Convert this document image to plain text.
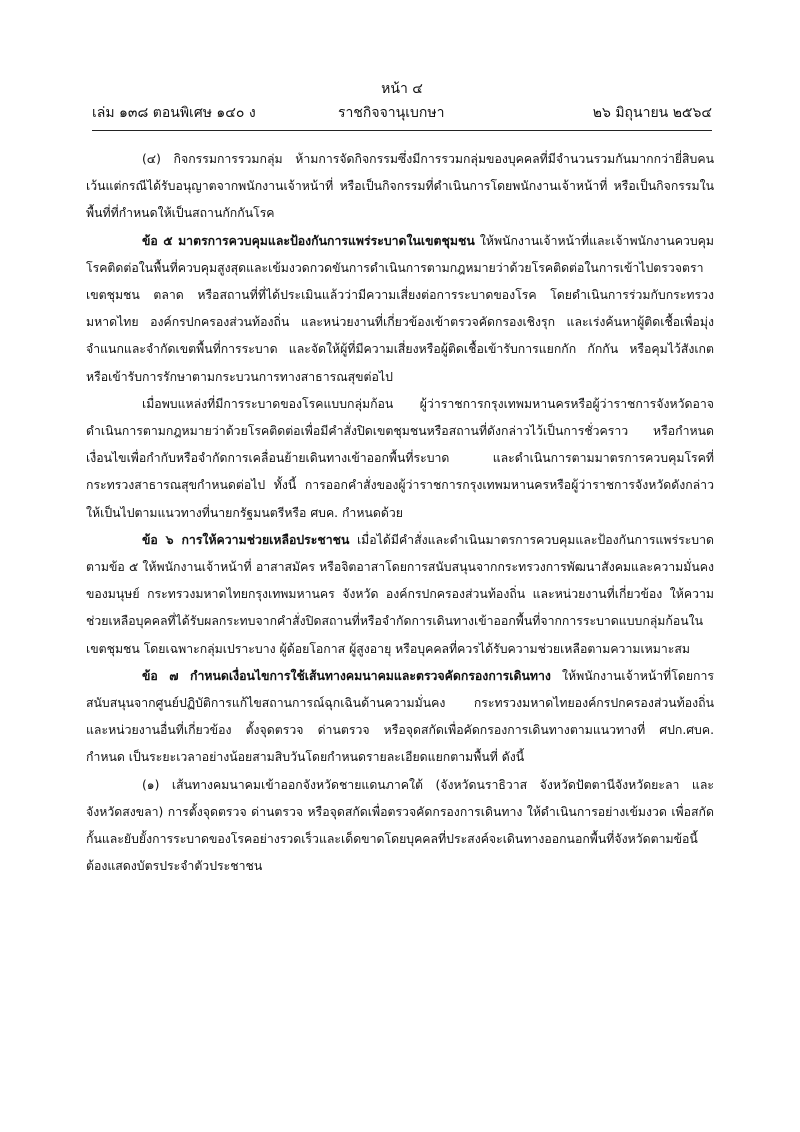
หน้า ๔
เล่ม ๑๓๘ ตอนพิเศษ ๑๔๐ ง	ราชกิจจานุเบกษา	๒๖ มิถุนายน ๒๕๖๔

(๔) กิจกรรมการรวมกลุ่ม ห้ามการจัดกิจกรรมซึ่งมีการรวมกลุ่มของบุคคลที่มีจำนวนรวมกันมากกว่ายี่สิบคน เว้นแต่กรณีได้รับอนุญาตจากพนักงานเจ้าหน้าที่ หรือเป็นกิจกรรมที่ดำเนินการโดยพนักงานเจ้าหน้าที่ หรือเป็นกิจกรรมในพื้นที่ที่กำหนดให้เป็นสถานกักกันโรค

ข้อ ๕ มาตรการควบคุมและป้องกันการแพร่ระบาดในเขตชุมชน ให้พนักงานเจ้าหน้าที่และเจ้าพนักงานควบคุมโรคติดต่อในพื้นที่ควบคุมสูงสุดและเข้มงวดกวดขันการดำเนินการตามกฎหมายว่าด้วยโรคติดต่อในการเข้าไปตรวจตราเขตชุมชน ตลาด หรือสถานที่ที่ได้ประเมินแล้วว่ามีความเสี่ยงต่อการระบาดของโรค โดยดำเนินการร่วมกับกระทรวงมหาดไทย องค์กรปกครองส่วนท้องถิ่น และหน่วยงานที่เกี่ยวข้องเข้าตรวจคัดกรองเชิงรุก และเร่งค้นหาผู้ติดเชื้อเพื่อมุ่งจำแนกและจำกัดเขตพื้นที่การระบาด และจัดให้ผู้ที่มีความเสี่ยงหรือผู้ติดเชื้อเข้ารับการแยกกัก กักกัน หรือคุมไว้สังเกตหรือเข้ารับการรักษาตามกระบวนการทางสาธารณสุขต่อไป

เมื่อพบแหล่งที่มีการระบาดของโรคแบบกลุ่มก้อน ผู้ว่าราชการกรุงเทพมหานครหรือผู้ว่าราชการจังหวัดอาจดำเนินการตามกฎหมายว่าด้วยโรคติดต่อเพื่อมีคำสั่งปิดเขตชุมชนหรือสถานที่ดังกล่าวไว้เป็นการชั่วคราว หรือกำหนดเงื่อนไขเพื่อกำกับหรือจำกัดการเคลื่อนย้ายเดินทางเข้าออกพื้นที่ระบาด และดำเนินการตามมาตรการควบคุมโรคที่กระทรวงสาธารณสุขกำหนดต่อไป ทั้งนี้ การออกคำสั่งของผู้ว่าราชการกรุงเทพมหานครหรือผู้ว่าราชการจังหวัดดังกล่าวให้เป็นไปตามแนวทางที่นายกรัฐมนตรีหรือ ศบค. กำหนดด้วย

ข้อ ๖ การให้ความช่วยเหลือประชาชน เมื่อได้มีคำสั่งและดำเนินมาตรการควบคุมและป้องกันการแพร่ระบาดตามข้อ ๕ ให้พนักงานเจ้าหน้าที่ อาสาสมัคร หรือจิตอาสาโดยการสนับสนุนจากกระทรวงการพัฒนาสังคมและความมั่นคงของมนุษย์ กระทรวงมหาดไทยกรุงเทพมหานคร จังหวัด องค์กรปกครองส่วนท้องถิ่น และหน่วยงานที่เกี่ยวข้อง ให้ความช่วยเหลือบุคคลที่ได้รับผลกระทบจากคำสั่งปิดสถานที่หรือจำกัดการเดินทางเข้าออกพื้นที่จากการระบาดแบบกลุ่มก้อนในเขตชุมชน โดยเฉพาะกลุ่มเปราะบาง ผู้ด้อยโอกาส ผู้สูงอายุ หรือบุคคลที่ควรได้รับความช่วยเหลือตามความเหมาะสม

ข้อ ๗ กำหนดเงื่อนไขการใช้เส้นทางคมนาคมและตรวจคัดกรองการเดินทาง ให้พนักงานเจ้าหน้าที่โดยการสนับสนุนจากศูนย์ปฏิบัติการแก้ไขสถานการณ์ฉุกเฉินด้านความมั่นคง กระทรวงมหาดไทยองค์กรปกครองส่วนท้องถิ่น และหน่วยงานอื่นที่เกี่ยวข้อง ตั้งจุดตรวจ ด่านตรวจ หรือจุดสกัดเพื่อคัดกรองการเดินทางตามแนวทางที่ ศปก.ศบค. กำหนด เป็นระยะเวลาอย่างน้อยสามสิบวันโดยกำหนดรายละเอียดแยกตามพื้นที่ ดังนี้

(๑) เส้นทางคมนาคมเข้าออกจังหวัดชายแดนภาคใต้ (จังหวัดนราธิวาส จังหวัดปัตตานีจังหวัดยะลา และจังหวัดสงขลา) การตั้งจุดตรวจ ด่านตรวจ หรือจุดสกัดเพื่อตรวจคัดกรองการเดินทาง ให้ดำเนินการอย่างเข้มงวด เพื่อสกัดกั้นและยับยั้งการระบาดของโรคอย่างรวดเร็วและเด็ดขาดโดยบุคคลที่ประสงค์จะเดินทางออกนอกพื้นที่จังหวัดตามข้อนี้ ต้องแสดงบัตรประจำตัวประชาชน
